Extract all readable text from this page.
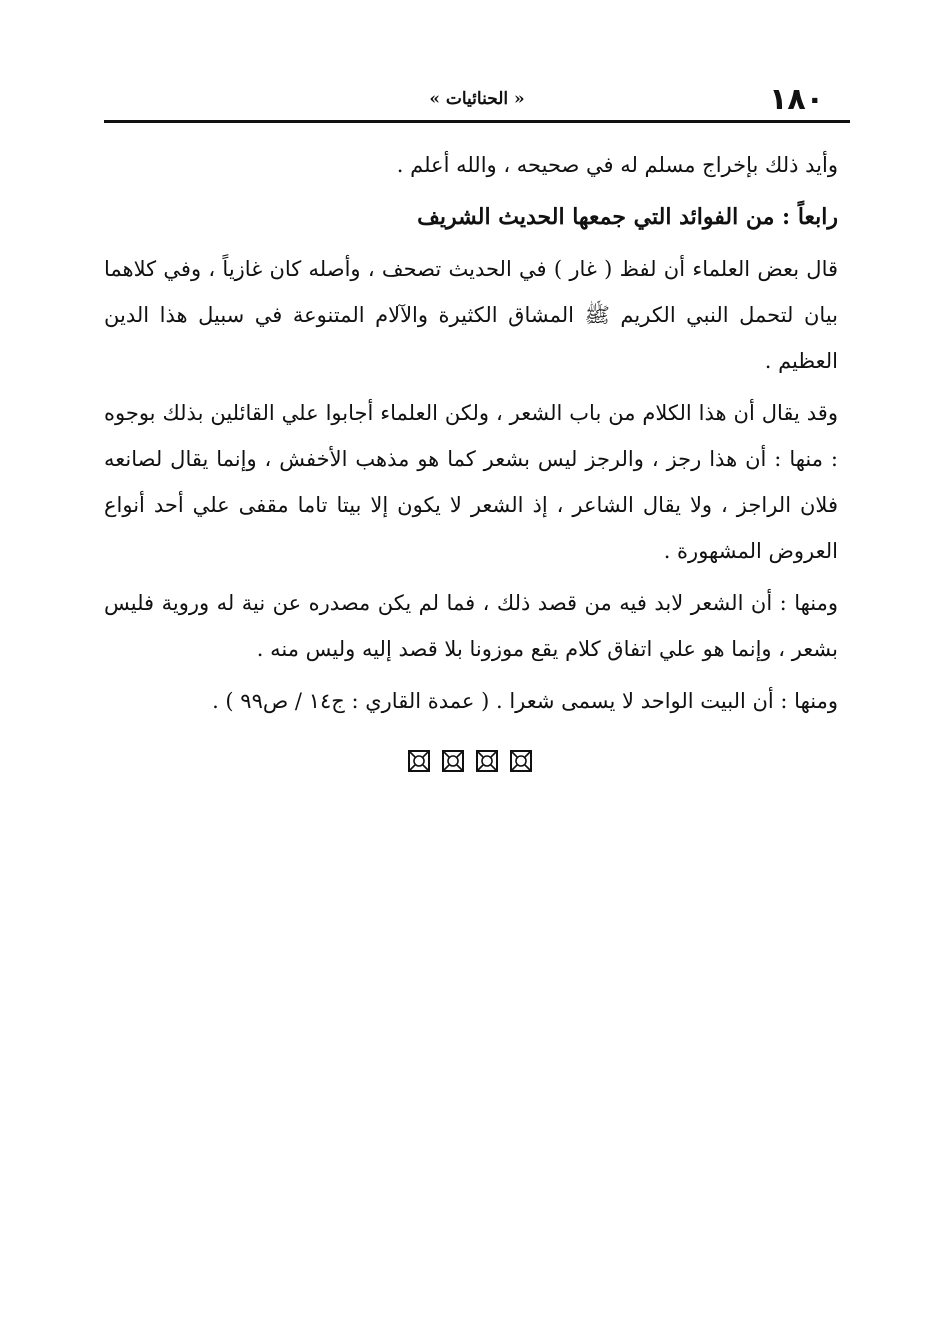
١٨٠
« الحنائيات »

وأيد ذلك بإخراج مسلم له في صحيحه ، والله أعلم .

رابعاً : من الفوائد التي جمعها الحديث الشريف

قال بعض العلماء أن لفظ ( غار ) في الحديث تصحف ، وأصله كان غازياً ، وفي كلاهما بيان لتحمل النبي الكريم ﷺ المشاق الكثيرة والآلام المتنوعة في سبيل هذا الدين العظيم .

وقد يقال أن هذا الكلام من باب الشعر ، ولكن العلماء أجابوا علي القائلين بذلك بوجوه : منها : أن هذا رجز ، والرجز ليس بشعر كما هو مذهب الأخفش ، وإنما يقال لصانعه فلان الراجز ، ولا يقال الشاعر ، إذ الشعر لا يكون إلا بيتا تاما مقفى علي أحد أنواع العروض المشهورة .

ومنها : أن الشعر لابد فيه من قصد ذلك ، فما لم يكن مصدره عن نية له وروية فليس بشعر ، وإنما هو علي اتفاق كلام يقع موزونا بلا قصد إليه وليس منه .

ومنها : أن البيت الواحد لا يسمى شعرا . ( عمدة القاري : ج١٤ / ص٩٩ ) .
